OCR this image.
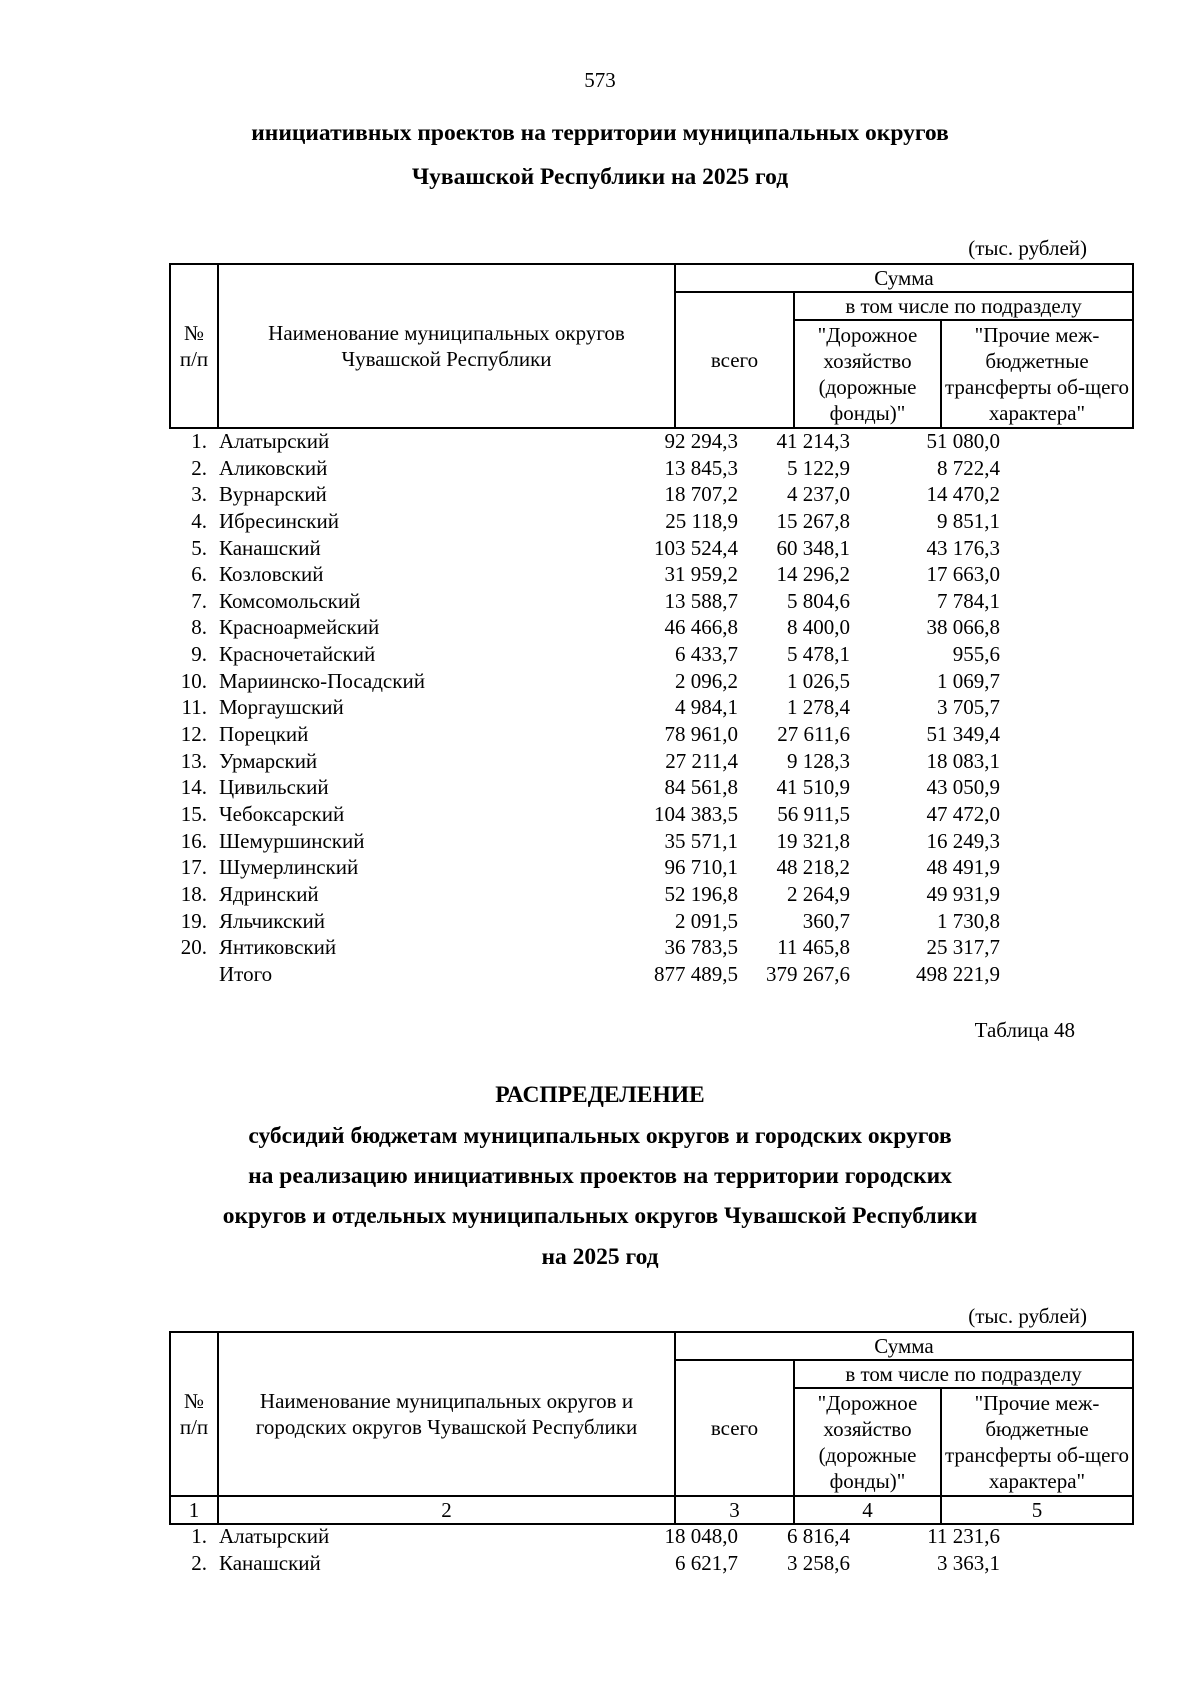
573
инициативных проектов на территории муниципальных округов
Чувашской Республики на 2025 год
(тыс. рублей)
№ п/п	Наименование муниципальных округов Чувашской Республики	Сумма		
		всего	в том числе по подразделу	
			"Дорожное хозяйство (дорожные фонды)"	"Прочие меж-бюджетные трансферты об-щего характера"
1. Алатырский	92 294,3 41 214,3	51 080,0
2. Аликовский	13 845,3 5 122,9	8 722,4
3. Вурнарский	18 707,2 4 237,0	14 470,2
4. Ибресинский	25 118,9 15 267,8	9 851,1
5. Канашский	103 524,4 60 348,1	43 176,3
6. Козловский	31 959,2 14 296,2	17 663,0
7. Комсомольский	13 588,7 5 804,6	7 784,1
8. Красноармейский	46 466,8 8 400,0	38 066,8
9. Красночетайский	6 433,7 5 478,1	955,6
10. Мариинско-Посадский	2 096,2 1 026,5	1 069,7
11. Моргаушский	4 984,1 1 278,4	3 705,7
12. Порецкий	78 961,0 27 611,6	51 349,4
13. Урмарский	27 211,4 9 128,3	18 083,1
14. Цивильский	84 561,8 41 510,9	43 050,9
15. Чебоксарский	104 383,5 56 911,5	47 472,0
16. Шемуршинский	35 571,1 19 321,8	16 249,3
17. Шумерлинский	96 710,1 48 218,2	48 491,9
18. Ядринский	52 196,8 2 264,9	49 931,9
19. Яльчикский	2 091,5	360,7	1 730,8
20. Янтиковский	36 783,5 11 465,8	25 317,7
Итого	877 489,5 379 267,6	498 221,9
Таблица 48
РАСПРЕДЕЛЕНИЕ
субсидий бюджетам муниципальных округов и городских округов
на реализацию инициативных проектов на территории городских
округов и отдельных муниципальных округов Чувашской Республики
на 2025 год
(тыс. рублей)
№ п/п	Наименование муниципальных округов и городских округов Чувашской Республики	Сумма		
		всего	в том числе по подразделу	
			"Дорожное хозяйство (дорожные фонды)"	"Прочие меж-бюджетные трансферты об-щего характера"
1	2	3	4	5
1. Алатырский	18 048,0 6 816,4	11 231,6
2. Канашский	6 621,7 3 258,6	3 363,1
